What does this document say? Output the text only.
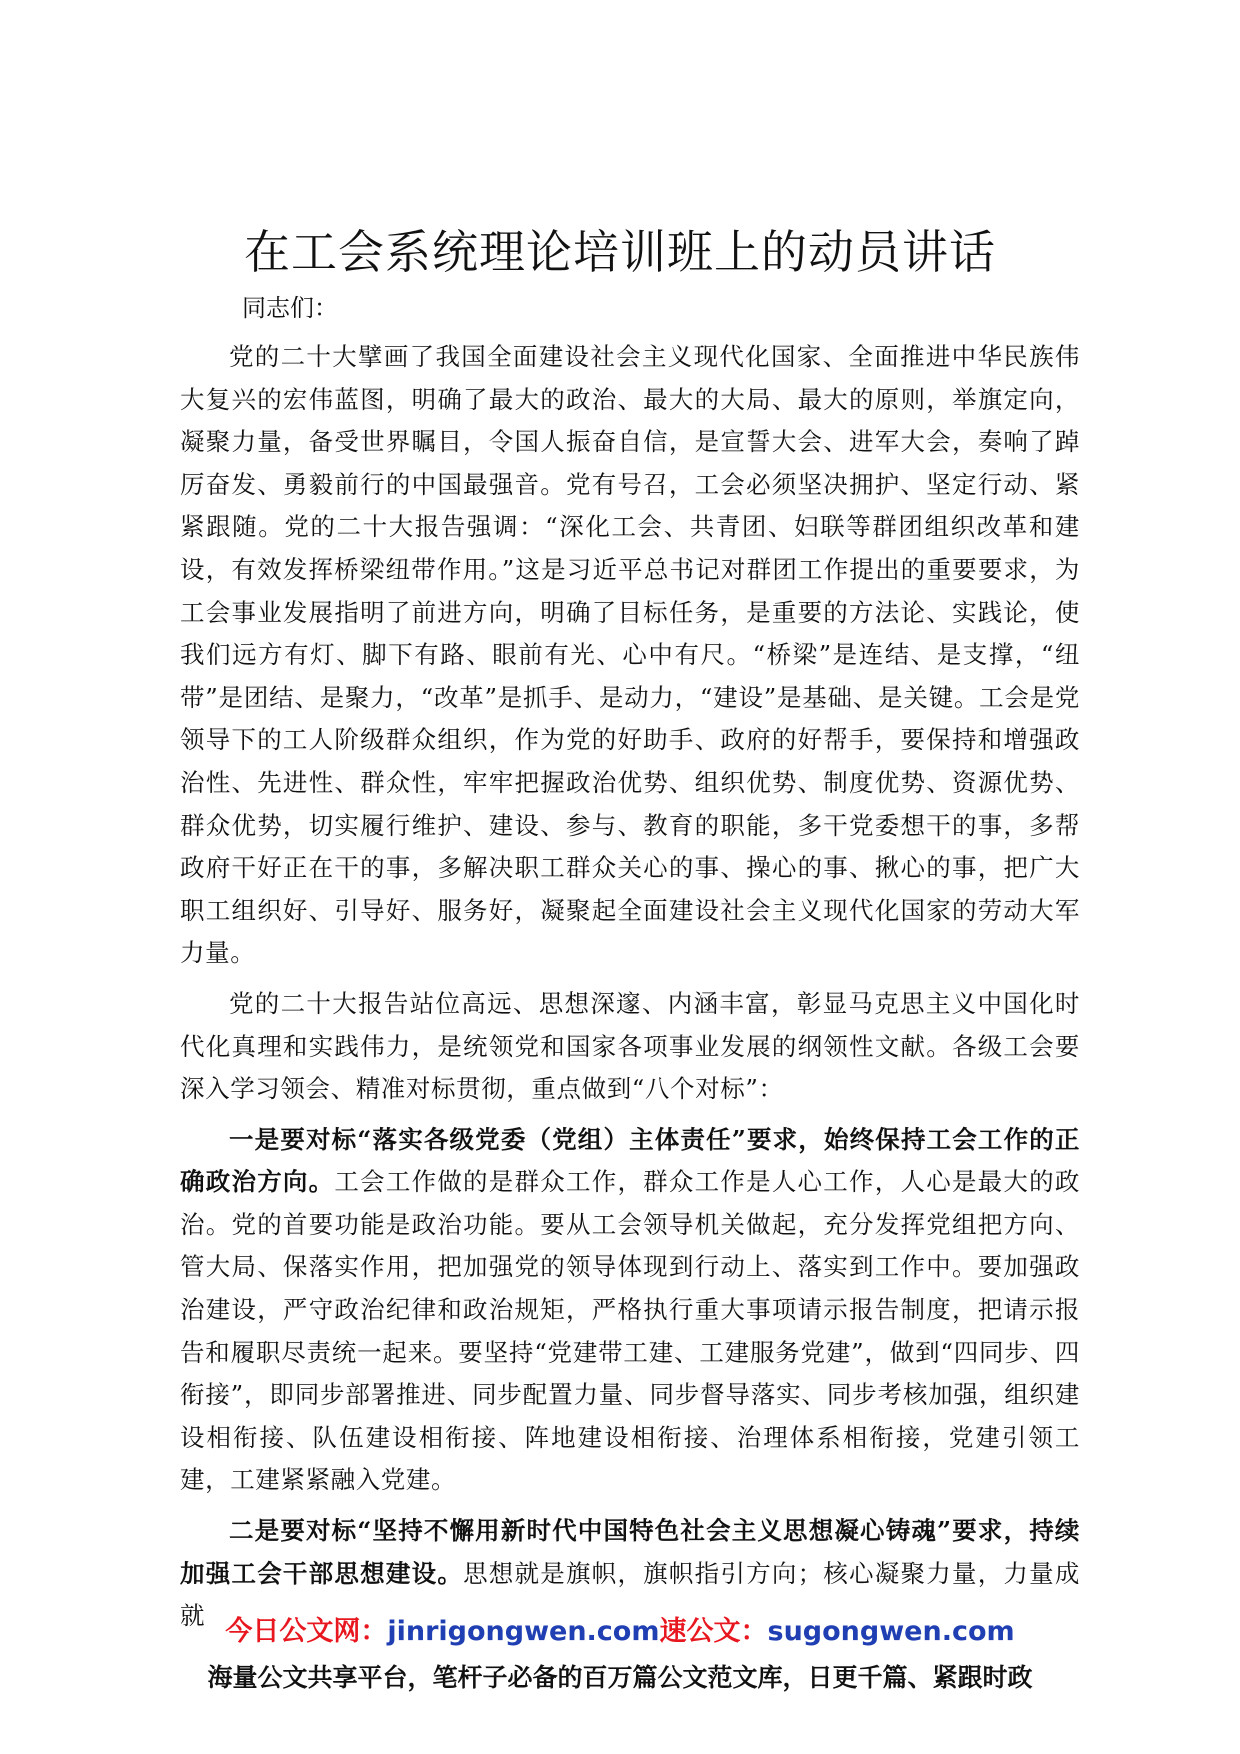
在工会系统理论培训班上的动员讲话
同志们：

党的二十大擘画了我国全面建设社会主义现代化国家、全面推进中华民族伟大复兴的宏伟蓝图，明确了最大的政治、最大的大局、最大的原则，举旗定向，凝聚力量，备受世界瞩目，令国人振奋自信，是宣誓大会、进军大会，奏响了踔厉奋发、勇毅前行的中国最强音。党有号召，工会必须坚决拥护、坚定行动、紧紧跟随。党的二十大报告强调：“深化工会、共青团、妇联等群团组织改革和建设，有效发挥桥梁纽带作用。”这是习近平总书记对群团工作提出的重要要求，为工会事业发展指明了前进方向，明确了目标任务，是重要的方法论、实践论，使我们远方有灯、脚下有路、眼前有光、心中有尺。“桥梁”是连结、是支撑，“纽带”是团结、是聚力，“改革”是抓手、是动力，“建设”是基础、是关键。工会是党领导下的工人阶级群众组织，作为党的好助手、政府的好帮手，要保持和增强政治性、先进性、群众性，牢牢把握政治优势、组织优势、制度优势、资源优势、群众优势，切实履行维护、建设、参与、教育的职能，多干党委想干的事，多帮政府干好正在干的事，多解决职工群众关心的事、操心的事、揪心的事，把广大职工组织好、引导好、服务好，凝聚起全面建设社会主义现代化国家的劳动大军力量。

党的二十大报告站位高远、思想深邃、内涵丰富，彰显马克思主义中国化时代化真理和实践伟力，是统领党和国家各项事业发展的纲领性文献。各级工会要深入学习领会、精准对标贯彻，重点做到“八个对标”：

一是要对标“落实各级党委（党组）主体责任”要求，始终保持工会工作的正确政治方向。工会工作做的是群众工作，群众工作是人心工作，人心是最大的政治。党的首要功能是政治功能。要从工会领导机关做起，充分发挥党组把方向、管大局、保落实作用，把加强党的领导体现到行动上、落实到工作中。要加强政治建设，严守政治纪律和政治规矩，严格执行重大事项请示报告制度，把请示报告和履职尽责统一起来。要坚持“党建带工建、工建服务党建”，做到“四同步、四衔接”，即同步部署推进、同步配置力量、同步督导落实、同步考核加强，组织建设相衔接、队伍建设相衔接、阵地建设相衔接、治理体系相衔接，党建引领工建，工建紧紧融入党建。

二是要对标“坚持不懈用新时代中国特色社会主义思想凝心铸魂”要求，持续加强工会干部思想建设。思想就是旗帜，旗帜指引方向；核心凝聚力量，力量成就

今日公文网：jinrigongwen.com速公文：sugongwen.com
海量公文共享平台，笔杆子必备的百万篇公文范文库，日更千篇、紧跟时政
